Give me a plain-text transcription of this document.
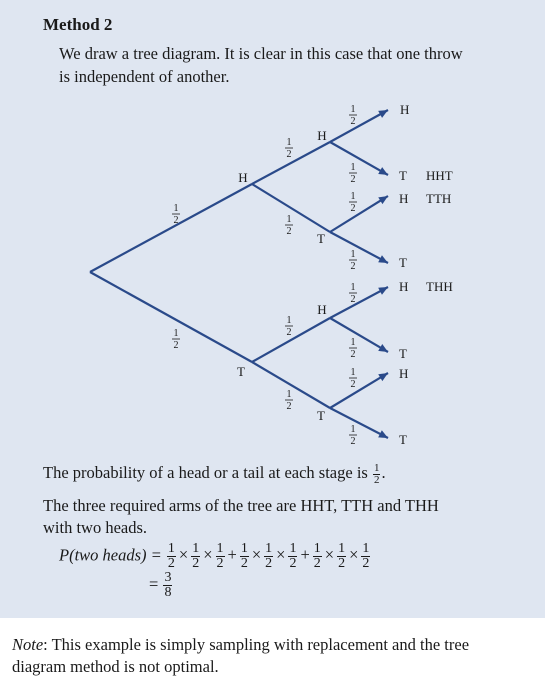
Method 2
We draw a tree diagram. It is clear in this case that one throw
is independent of another.
H
T
H
T
H
T
H
T
H
T
H
T
H
T
HHT
TTH
THH
1
2
1
2
1
2
1
2
1
2
1
2
1
2
1
2
1
2
1
2
1
2
1
2
1
2
1
2
The probability of a head or a tail at each stage is $\frac{1}{2}$ .
The three required arms of the tree are HHT, TTH and THH
with two heads.
P(two heads) = $\frac{1}{2} \times \frac{1}{2} \times \frac{1}{2} + \frac{1}{2} \times \frac{1}{2} \times \frac{1}{2} + \frac{1}{2} \times \frac{1}{2} \times \frac{1}{2}$
= $\frac{3}{8}$
Note: This example is simply sampling with replacement and the tree
diagram method is not optimal.
